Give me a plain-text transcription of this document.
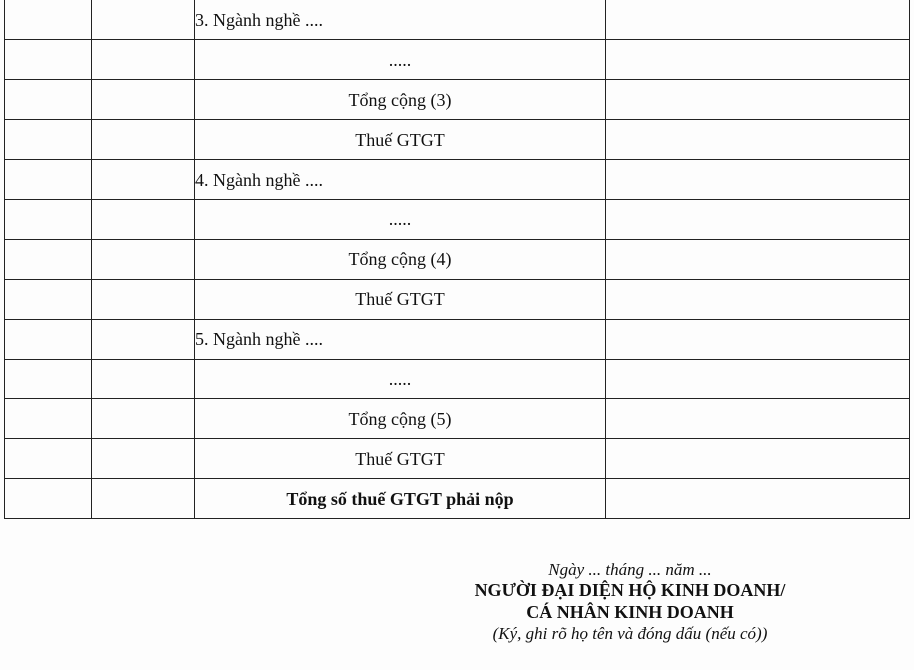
		3. Ngành nghề ....	
		.....	
		Tổng cộng (3)	
		Thuế GTGT	
		4. Ngành nghề ....	
		.....	
		Tổng cộng (4)	
		Thuế GTGT	
		5. Ngành nghề ....	
		.....	
		Tổng cộng (5)	
		Thuế GTGT	
		Tổng số thuế GTGT phải nộp	
Ngày ... tháng ... năm ...
NGƯỜI ĐẠI DIỆN HỘ KINH DOANH/
CÁ NHÂN KINH DOANH
(Ký, ghi rõ họ tên và đóng dấu (nếu có))
